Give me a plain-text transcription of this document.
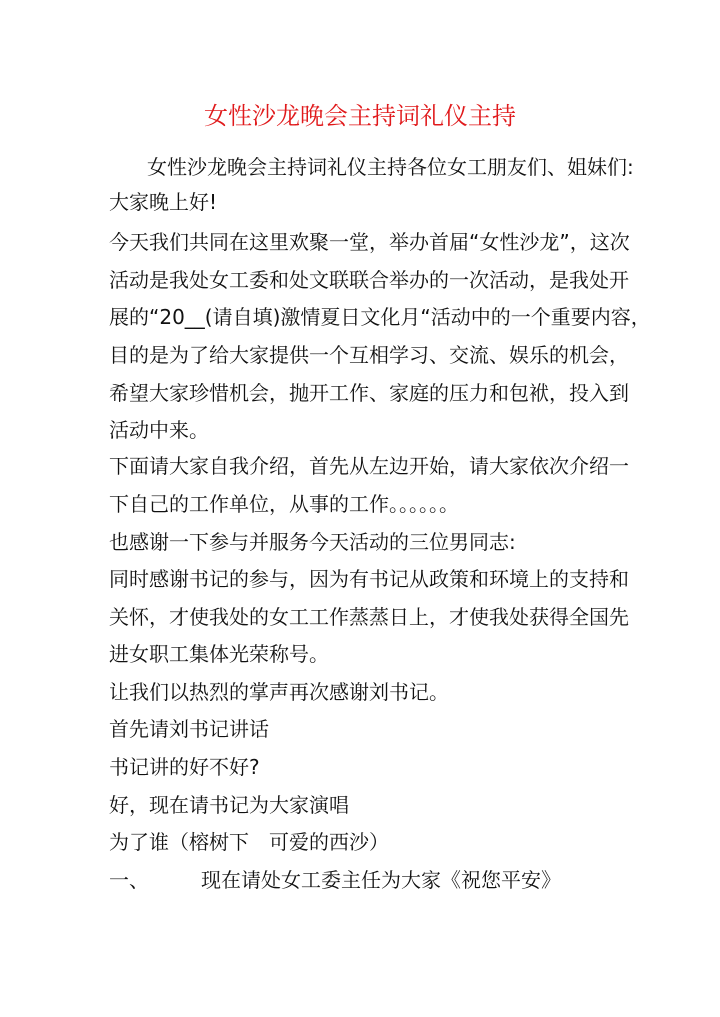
女性沙龙晚会主持词礼仪主持
女性沙龙晚会主持词礼仪主持各位女工朋友们、姐妹们:
大家晚上好!
今天我们共同在这里欢聚一堂，举办首届“女性沙龙”，这次
活动是我处女工委和处文联联合举办的一次活动，是我处开
展的“20__(请自填)激情夏日文化月“活动中的一个重要内容，
目的是为了给大家提供一个互相学习、交流、娱乐的机会，
希望大家珍惜机会，抛开工作、家庭的压力和包袱，投入到
活动中来。
下面请大家自我介绍，首先从左边开始，请大家依次介绍一
下自己的工作单位，从事的工作。。。。。。
也感谢一下参与并服务今天活动的三位男同志:
同时感谢书记的参与，因为有书记从政策和环境上的支持和
关怀，才使我处的女工工作蒸蒸日上，才使我处获得全国先
进女职工集体光荣称号。
让我们以热烈的掌声再次感谢刘书记。
首先请刘书记讲话
书记讲的好不好?
好，现在请书记为大家演唱
为了谁（榕树下　可爱的西沙）
一、	现在请处女工委主任为大家《祝您平安》
